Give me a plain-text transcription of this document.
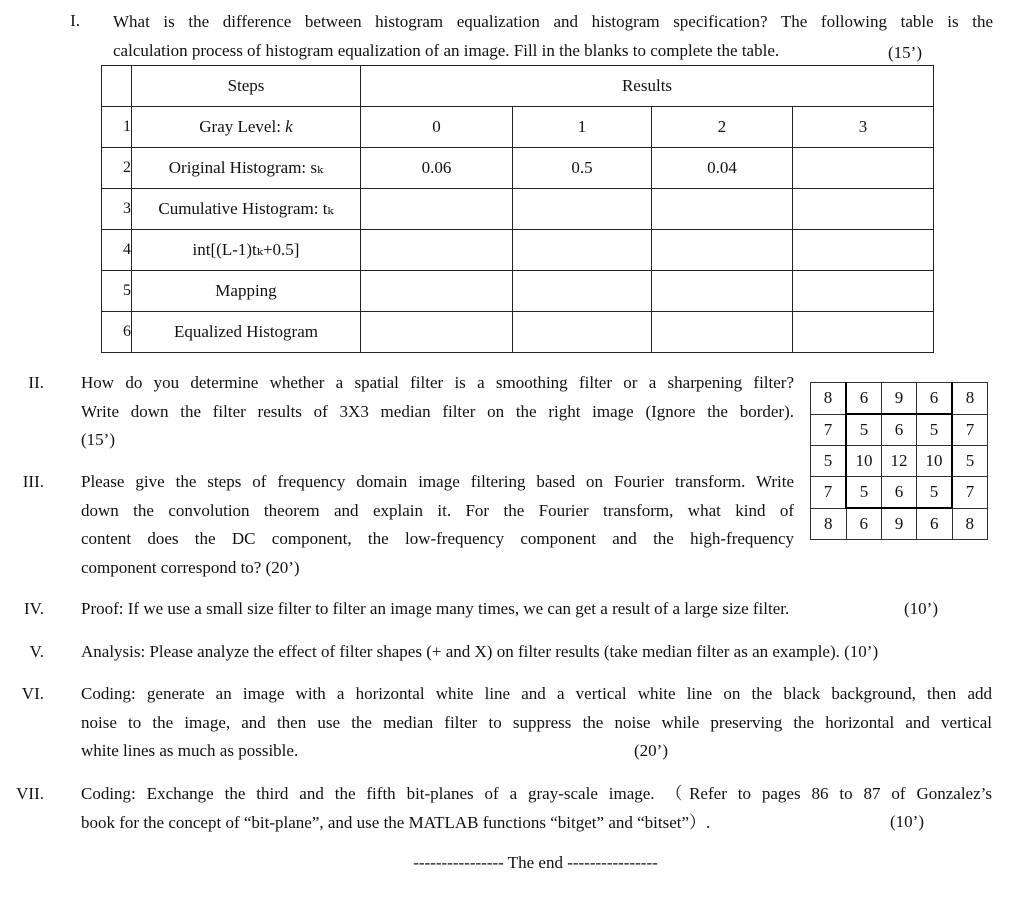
I. What is the difference between histogram equalization and histogram specification? The following table is the
calculation process of histogram equalization of an image. Fill in the blanks to complete the table.	(15’)
	Steps	Results			
1	Gray Level: k	0	1	2	3
2	Original Histogram: sₖ	0.06	0.5	0.04	
3	Cumulative Histogram: tₖ				
4	int[(L-1)tₖ+0.5]				
5	Mapping				
6	Equalized Histogram				
II. How do you determine whether a spatial filter is a smoothing filter or a sharpening filter?
Write down the filter results of 3X3 median filter on the right image (Ignore the border).
(15’)
8	6	9	6	8
7	5	6	5	7
5	10	12	10	5
7	5	6	5	7
8	6	9	6	8
III. Please give the steps of frequency domain image filtering based on Fourier transform. Write
down the convolution theorem and explain it. For the Fourier transform, what kind of
content does the DC component, the low-frequency component and the high-frequency
component correspond to? (20’)
IV. Proof: If we use a small size filter to filter an image many times, we can get a result of a large size filter.	(10’)
V. Analysis: Please analyze the effect of filter shapes (+ and X) on filter results (take median filter as an example). (10’)
VI. Coding: generate an image with a horizontal white line and a vertical white line on the black background, then add
noise to the image, and then use the median filter to suppress the noise while preserving the horizontal and vertical
white lines as much as possible.	(20’)
VII. Coding: Exchange the third and the fifth bit-planes of a gray-scale image. （Refer to pages 86 to 87 of Gonzalez’s
book for the concept of “bit-plane”, and use the MATLAB functions “bitget” and “bitset”）.	(10’)
---------------- The end ----------------
